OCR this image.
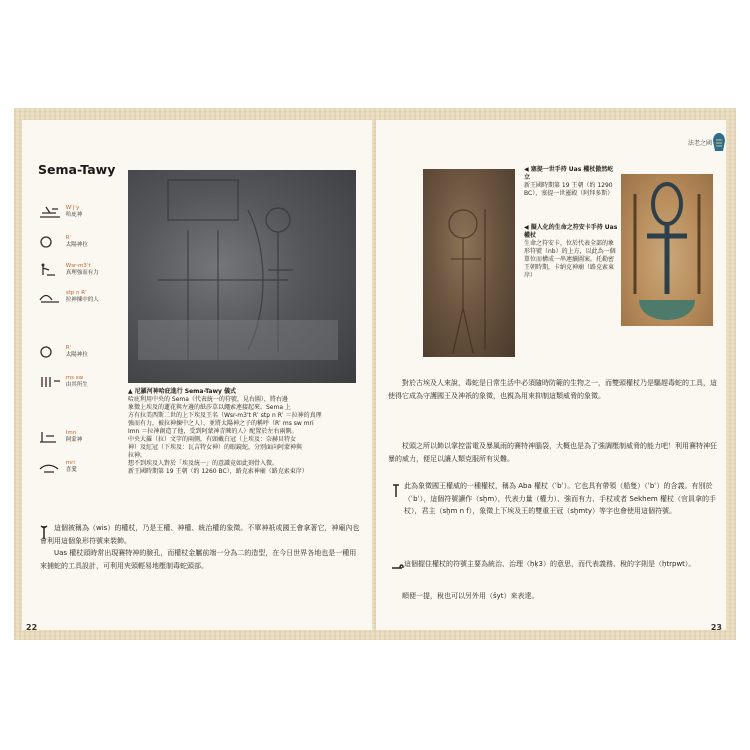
Sema-Tawy
Wʿjʿy
哈庇神
Rʿ
太陽神拉
Wsr-m3ʿt
真理強而有力
stp n Rʿ
拉神揀中的人
Rʿ
太陽神拉
ms sw
由其所生
Imn
阿蒙神
mri
喜愛
▲ 尼羅河神哈庇進行 Sema-Tawy 儀式
哈庇利用中央的 Sema（代表統一的符號，見右圖），將右邊
象徵上埃及的蓮花與左邊的紙莎草以繩索連接起來。Sema 上
方有拉美西斯二世的上下埃及王名（Wsr-m3't Rʿ stp n Rʿ ＝拉神的真理
強而有力，被拉神揀中之人）、並將太陽神之子的稱呼（Rʿ ms sw mri
Imn ＝拉神創造了他，受到阿蒙神青睞的人）配置於左右兩側。
中央大羅（拉）文字的兩側，有頭戴白冠（上埃及：奈赫貝特女
神）及紅冠（下埃及：瓦吉特女神）的眼鏡蛇，分別面向阿蒙神與
拉神。
想不到埃及人對於「埃及統一」的意識竟如此刻骨入微。
新王國時期第 19 王朝（約 1260 BC），路克索神廟（路克索東岸）

這個被稱為（wis）的權杖，乃是王權、神權、統治權的象徵。不單神祇或國王會拿著它，神廟內也會利用這個象形符號來裝飾。

Uas 權杖頭時常出現賽特神的臉孔，而權杖金屬前端一分為二的造型，在今日世界各地也是一種用來捕蛇的工具設計，可利用夾頭輕易地壓制毒蛇頭部。

22
法老之國
◀ 塞提一世手持 Uas 權杖傲然屹立
新王國時期第 19 王朝（約 1290 BC），塞提一世靈殿（阿拜多斯）
◀ 擬人化的生命之符安卡手持 Uas 權杖
生命之符安卡，位於代表全部的象形符號（nb）的上方，以此為一個單位而構成一串連續圖案。托勒密王朝時期，卡納克神廟（路克索東岸）
對於古埃及人來說，毒蛇是日常生活中必須隨時防範的生物之一，而雙頭權杖乃是驅趕毒蛇的工具，這使得它成為守護國王及神祇的象徵，也親為用來抑制這類威脅的象徵。
杖頭之所以飾以掌控雷電及暴風雨的賽特神腦袋，大概也是為了強調壓制威脅的能力吧！利用賽特神狂暴的威力，便足以讓人類克服所有災難。
此為象徵國王權威的一種權杖，稱為 Aba 權杖（ʿbʿ）。它也具有帶領（船隻）（ʿbʿ）的含義。有別於（ʿbʿ），這個符號讀作（sḫm），代表力量（權力）、強而有力、手杖或者 Sekhem 權杖（官員拿的手杖），君主（sḫm n f），象徵上下埃及王的雙重王冠（sḫmty）等字也會使用這個符號。
這個握住權杖的符號主要為統治、治理（ḥḳ3）的意思，而代表義務、稅的字則是（ḥtrpwt）。
順便一提，稅也可以另外用（šyt）來表達。
23
